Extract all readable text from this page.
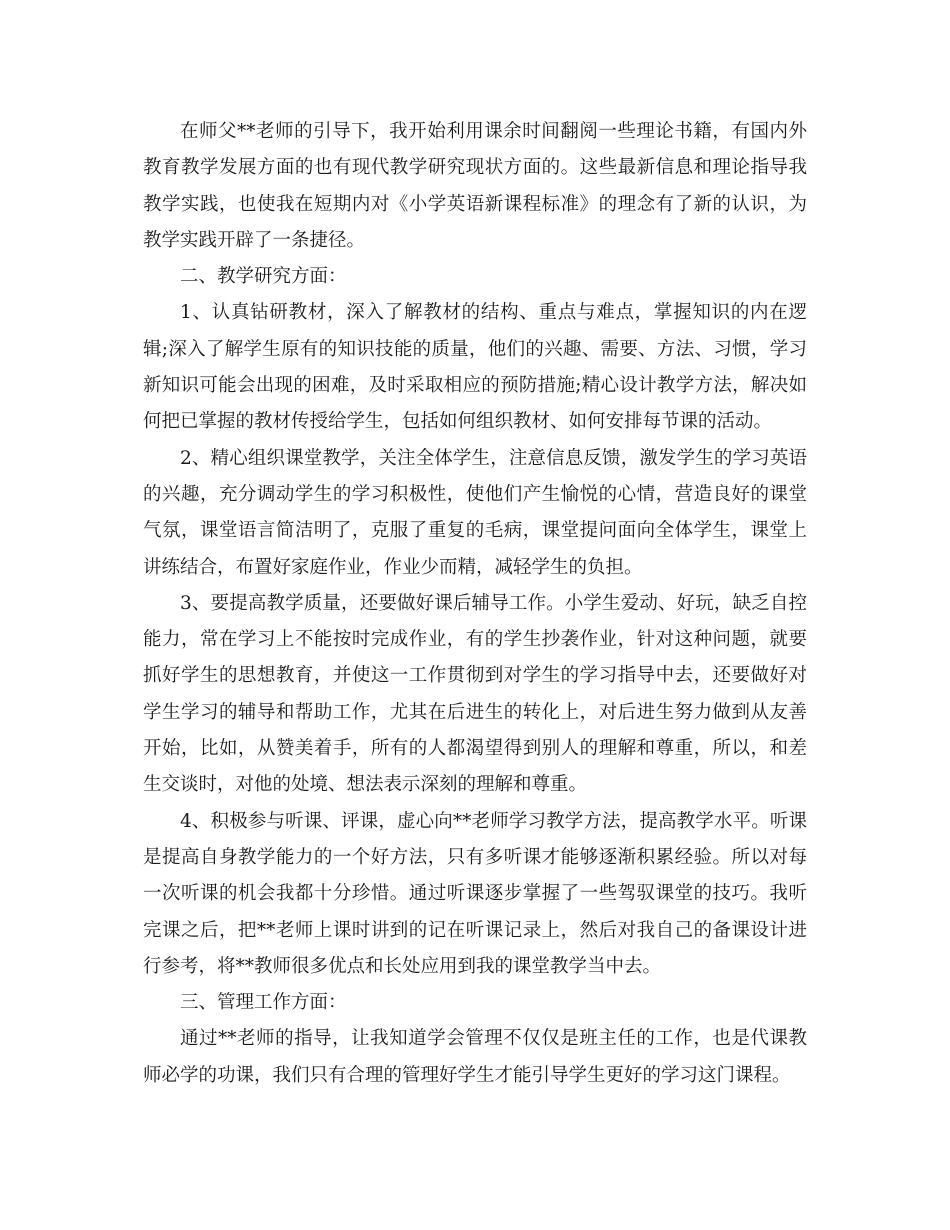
在师父**老师的引导下，我开始利用课余时间翻阅一些理论书籍，有国内外教育教学发展方面的也有现代教学研究现状方面的。这些最新信息和理论指导我教学实践，也使我在短期内对《小学英语新课程标准》的理念有了新的认识，为教学实践开辟了一条捷径。

二、教学研究方面：

1、认真钻研教材，深入了解教材的结构、重点与难点，掌握知识的内在逻辑;深入了解学生原有的知识技能的质量，他们的兴趣、需要、方法、习惯，学习新知识可能会出现的困难，及时采取相应的预防措施;精心设计教学方法，解决如何把已掌握的教材传授给学生，包括如何组织教材、如何安排每节课的活动。

2、精心组织课堂教学，关注全体学生，注意信息反馈，激发学生的学习英语的兴趣，充分调动学生的学习积极性，使他们产生愉悦的心情，营造良好的课堂气氛，课堂语言简洁明了，克服了重复的毛病，课堂提问面向全体学生，课堂上讲练结合，布置好家庭作业，作业少而精，减轻学生的负担。

3、要提高教学质量，还要做好课后辅导工作。小学生爱动、好玩，缺乏自控能力，常在学习上不能按时完成作业，有的学生抄袭作业，针对这种问题，就要抓好学生的思想教育，并使这一工作贯彻到对学生的学习指导中去，还要做好对学生学习的辅导和帮助工作，尤其在后进生的转化上，对后进生努力做到从友善开始，比如，从赞美着手，所有的人都渴望得到别人的理解和尊重，所以，和差生交谈时，对他的处境、想法表示深刻的理解和尊重。

4、积极参与听课、评课，虚心向**老师学习教学方法，提高教学水平。听课是提高自身教学能力的一个好方法，只有多听课才能够逐渐积累经验。所以对每一次听课的机会我都十分珍惜。通过听课逐步掌握了一些驾驭课堂的技巧。我听完课之后，把**老师上课时讲到的记在听课记录上，然后对我自己的备课设计进行参考，将**教师很多优点和长处应用到我的课堂教学当中去。

三、管理工作方面：

通过**老师的指导，让我知道学会管理不仅仅是班主任的工作，也是代课教师必学的功课，我们只有合理的管理好学生才能引导学生更好的学习这门课程。
